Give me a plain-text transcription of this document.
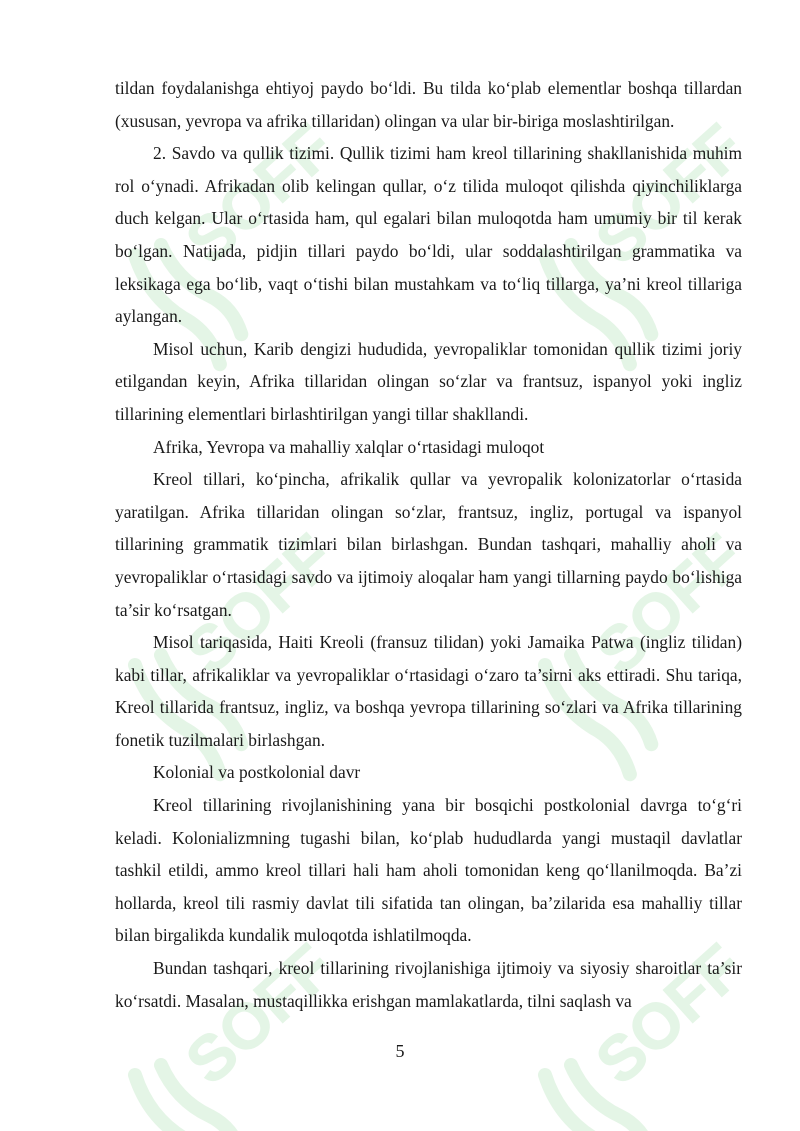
SOFF

tildan foydalanishga ehtiyoj paydo bo‘ldi. Bu tilda ko‘plab elementlar boshqa tillardan (xususan, yevropa va afrika tillaridan) olingan va ular bir-biriga moslashtirilgan.

2. Savdo va qullik tizimi. Qullik tizimi ham kreol tillarining shakllanishida muhim rol o‘ynadi. Afrikadan olib kelingan qullar, o‘z tilida muloqot qilishda qiyinchiliklarga duch kelgan. Ular o‘rtasida ham, qul egalari bilan muloqotda ham umumiy bir til kerak bo‘lgan. Natijada, pidjin tillari paydo bo‘ldi, ular soddalashtirilgan grammatika va leksikaga ega bo‘lib, vaqt o‘tishi bilan mustahkam va to‘liq tillarga, ya’ni kreol tillariga aylangan.

Misol uchun, Karib dengizi hududida, yevropaliklar tomonidan qullik tizimi joriy etilgandan keyin, Afrika tillaridan olingan so‘zlar va frantsuz, ispanyol yoki ingliz tillarining elementlari birlashtirilgan yangi tillar shakllandi.

Afrika, Yevropa va mahalliy xalqlar o‘rtasidagi muloqot

Kreol tillari, ko‘pincha, afrikalik qullar va yevropalik kolonizatorlar o‘rtasida yaratilgan. Afrika tillaridan olingan so‘zlar, frantsuz, ingliz, portugal va ispanyol tillarining grammatik tizimlari bilan birlashgan. Bundan tashqari, mahalliy aholi va yevropaliklar o‘rtasidagi savdo va ijtimoiy aloqalar ham yangi tillarning paydo bo‘lishiga ta’sir ko‘rsatgan.

Misol tariqasida, Haiti Kreoli (fransuz tilidan) yoki Jamaika Patwa (ingliz tilidan) kabi tillar, afrikaliklar va yevropaliklar o‘rtasidagi o‘zaro ta’sirni aks ettiradi. Shu tariqa, Kreol tillarida frantsuz, ingliz, va boshqa yevropa tillarining so‘zlari va Afrika tillarining fonetik tuzilmalari birlashgan.

Kolonial va postkolonial davr

Kreol tillarining rivojlanishining yana bir bosqichi postkolonial davrga to‘g‘ri keladi. Kolonializmning tugashi bilan, ko‘plab hududlarda yangi mustaqil davlatlar tashkil etildi, ammo kreol tillari hali ham aholi tomonidan keng qo‘llanilmoqda. Ba’zi hollarda, kreol tili rasmiy davlat tili sifatida tan olingan, ba’zilarida esa mahalliy tillar bilan birgalikda kundalik muloqotda ishlatilmoqda.

Bundan tashqari, kreol tillarining rivojlanishiga ijtimoiy va siyosiy sharoitlar ta’sir ko‘rsatdi. Masalan, mustaqillikka erishgan mamlakatlarda, tilni saqlash va

5
